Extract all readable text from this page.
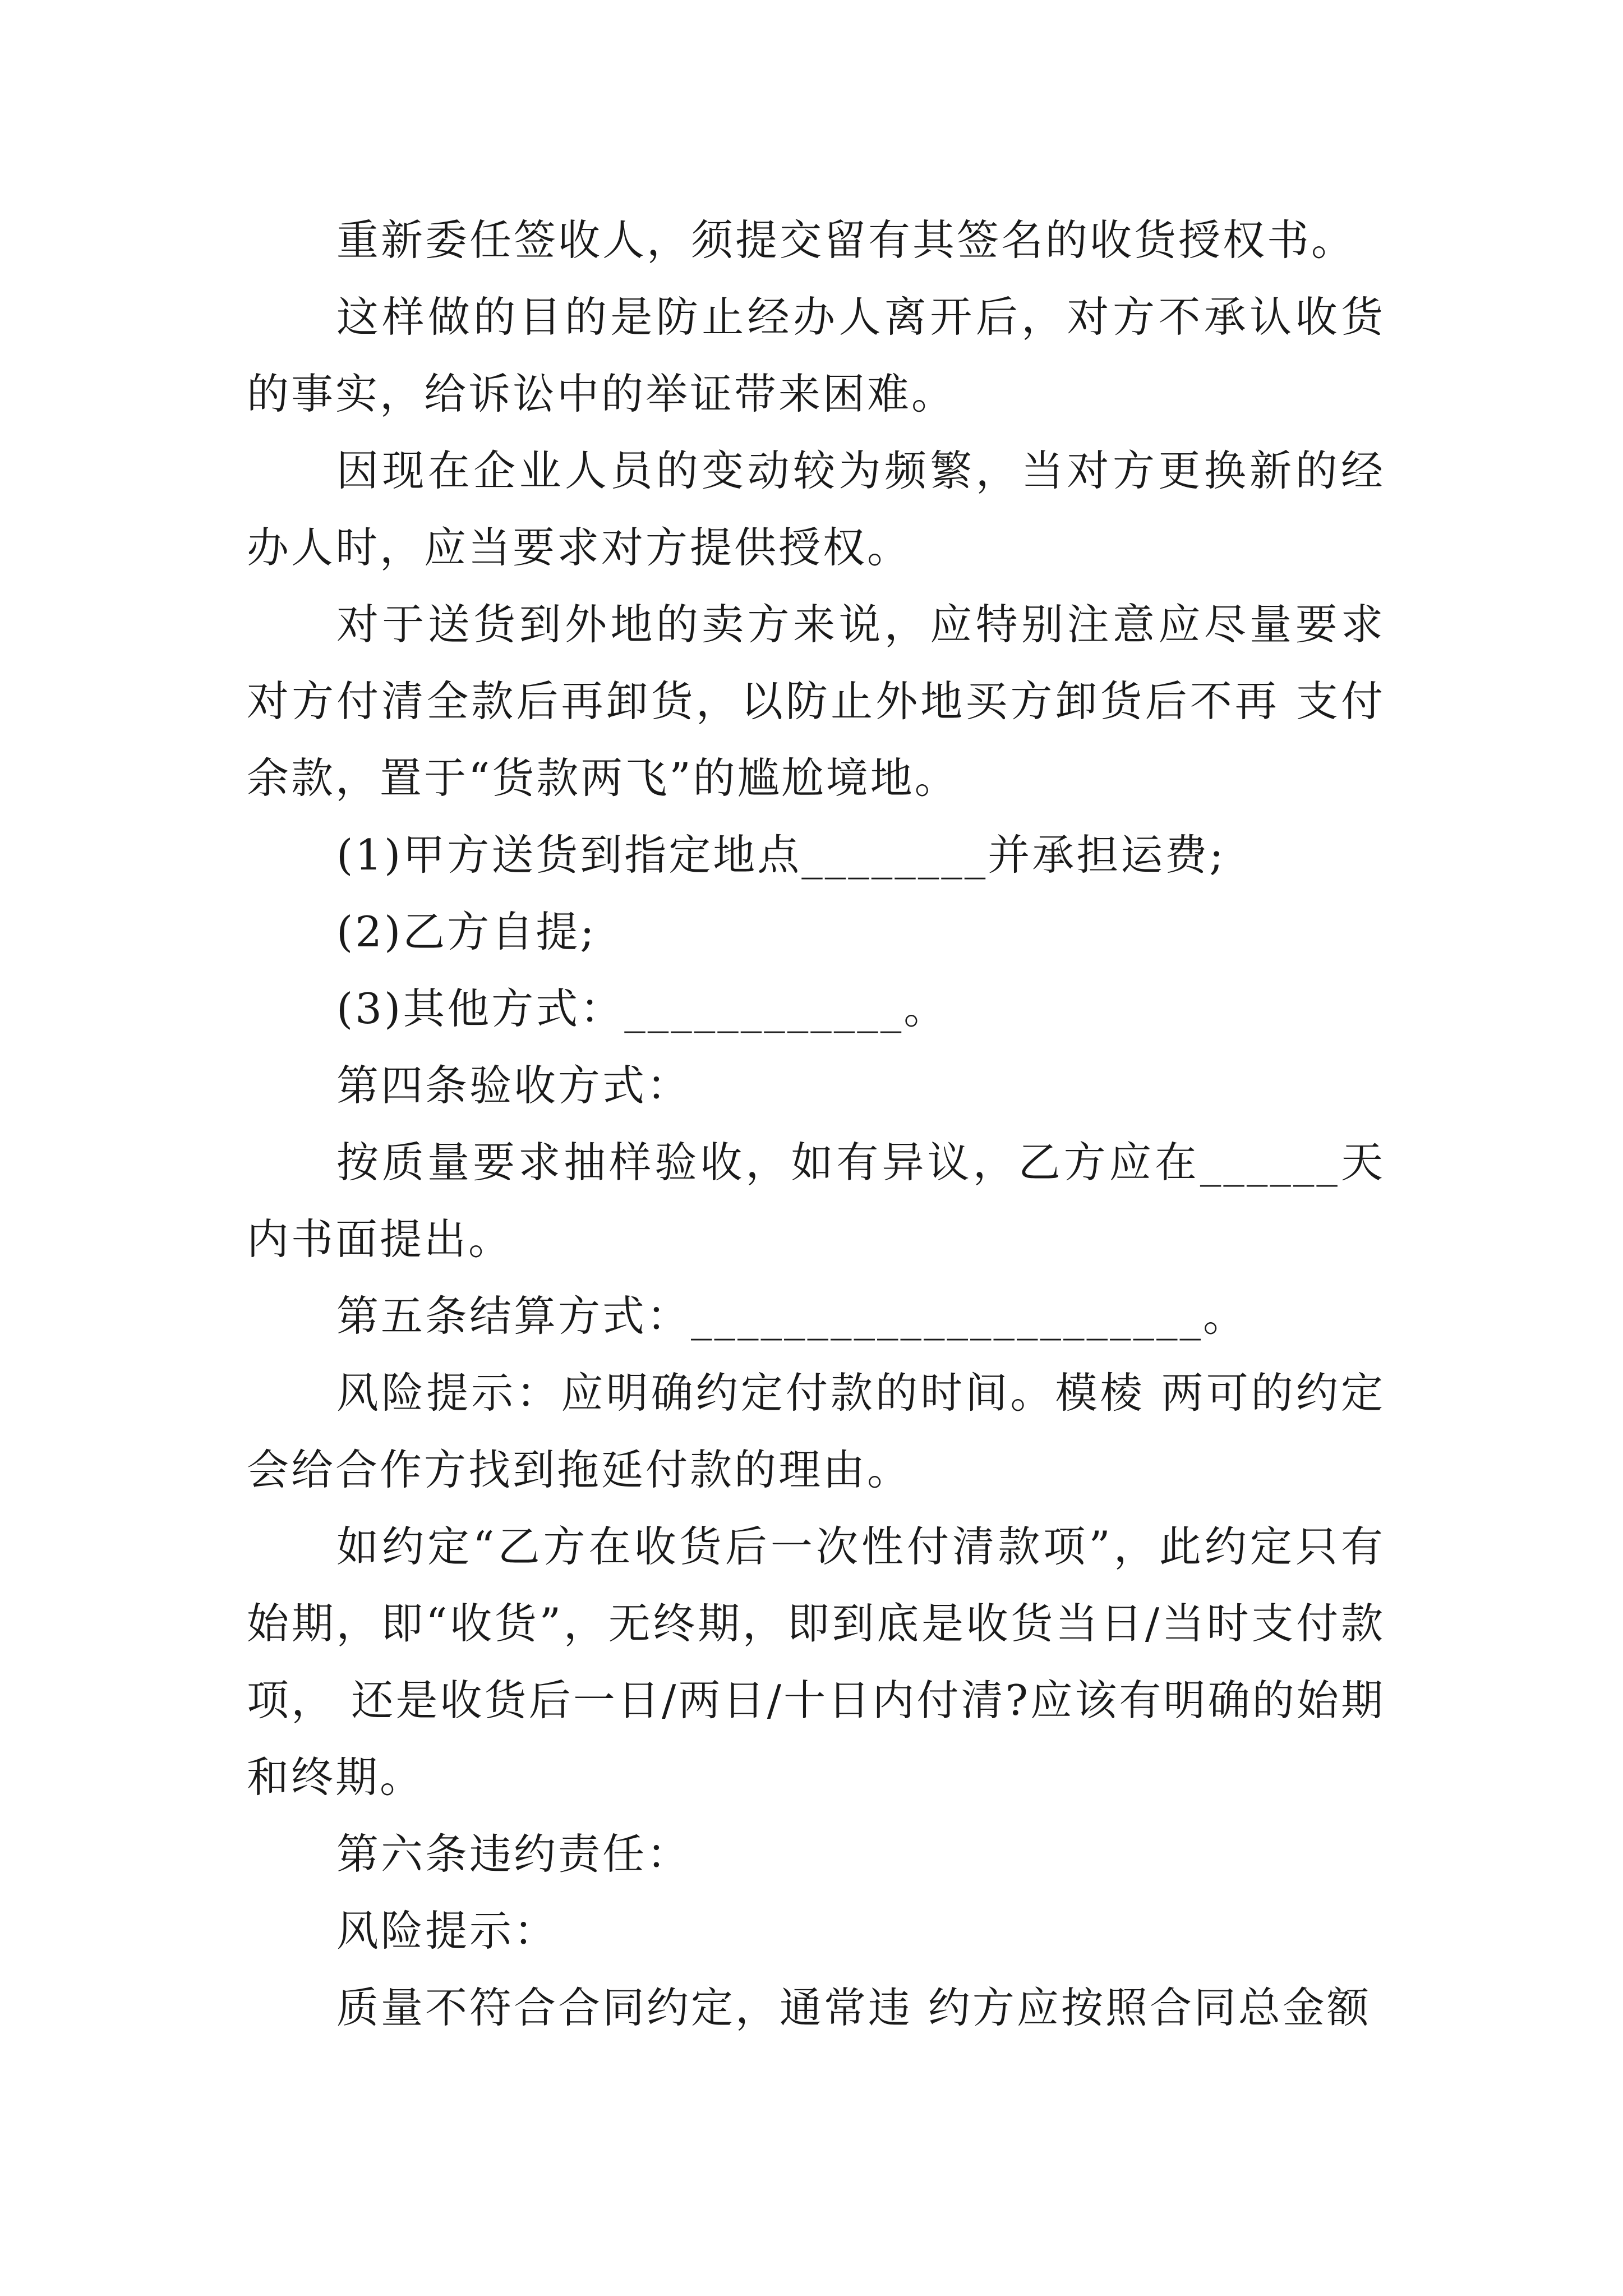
重新委任签收人，须提交留有其签名的收货授权书。

这样做的目的是防止经办人离开后，对方不承认收货的事实，给诉讼中的举证带来困难。

因现在企业人员的变动较为频繁，当对方更换新的经办人时，应当要求对方提供授权。

对于送货到外地的卖方来说，应特别注意应尽量要求对方付清全款后再卸货，以防止外地买方卸货后不再 支付余款，置于“货款两飞”的尴尬境地。

(1)甲方送货到指定地点________并承担运费;

(2)乙方自提;

(3)其他方式：____________。

第四条验收方式：

按质量要求抽样验收，如有异议，乙方应在______天内书面提出。

第五条结算方式：______________________。

风险提示：应明确约定付款的时间。模棱 两可的约定会给合作方找到拖延付款的理由。

如约定“乙方在收货后一次性付清款项”，此约定只有始期，即“收货”，无终期，即到底是收货当日/当时支付款项， 还是收货后一日/两日/十日内付清?应该有明确的始期和终期。

第六条违约责任：

风险提示：

质量不符合合同约定，通常违 约方应按照合同总金额
